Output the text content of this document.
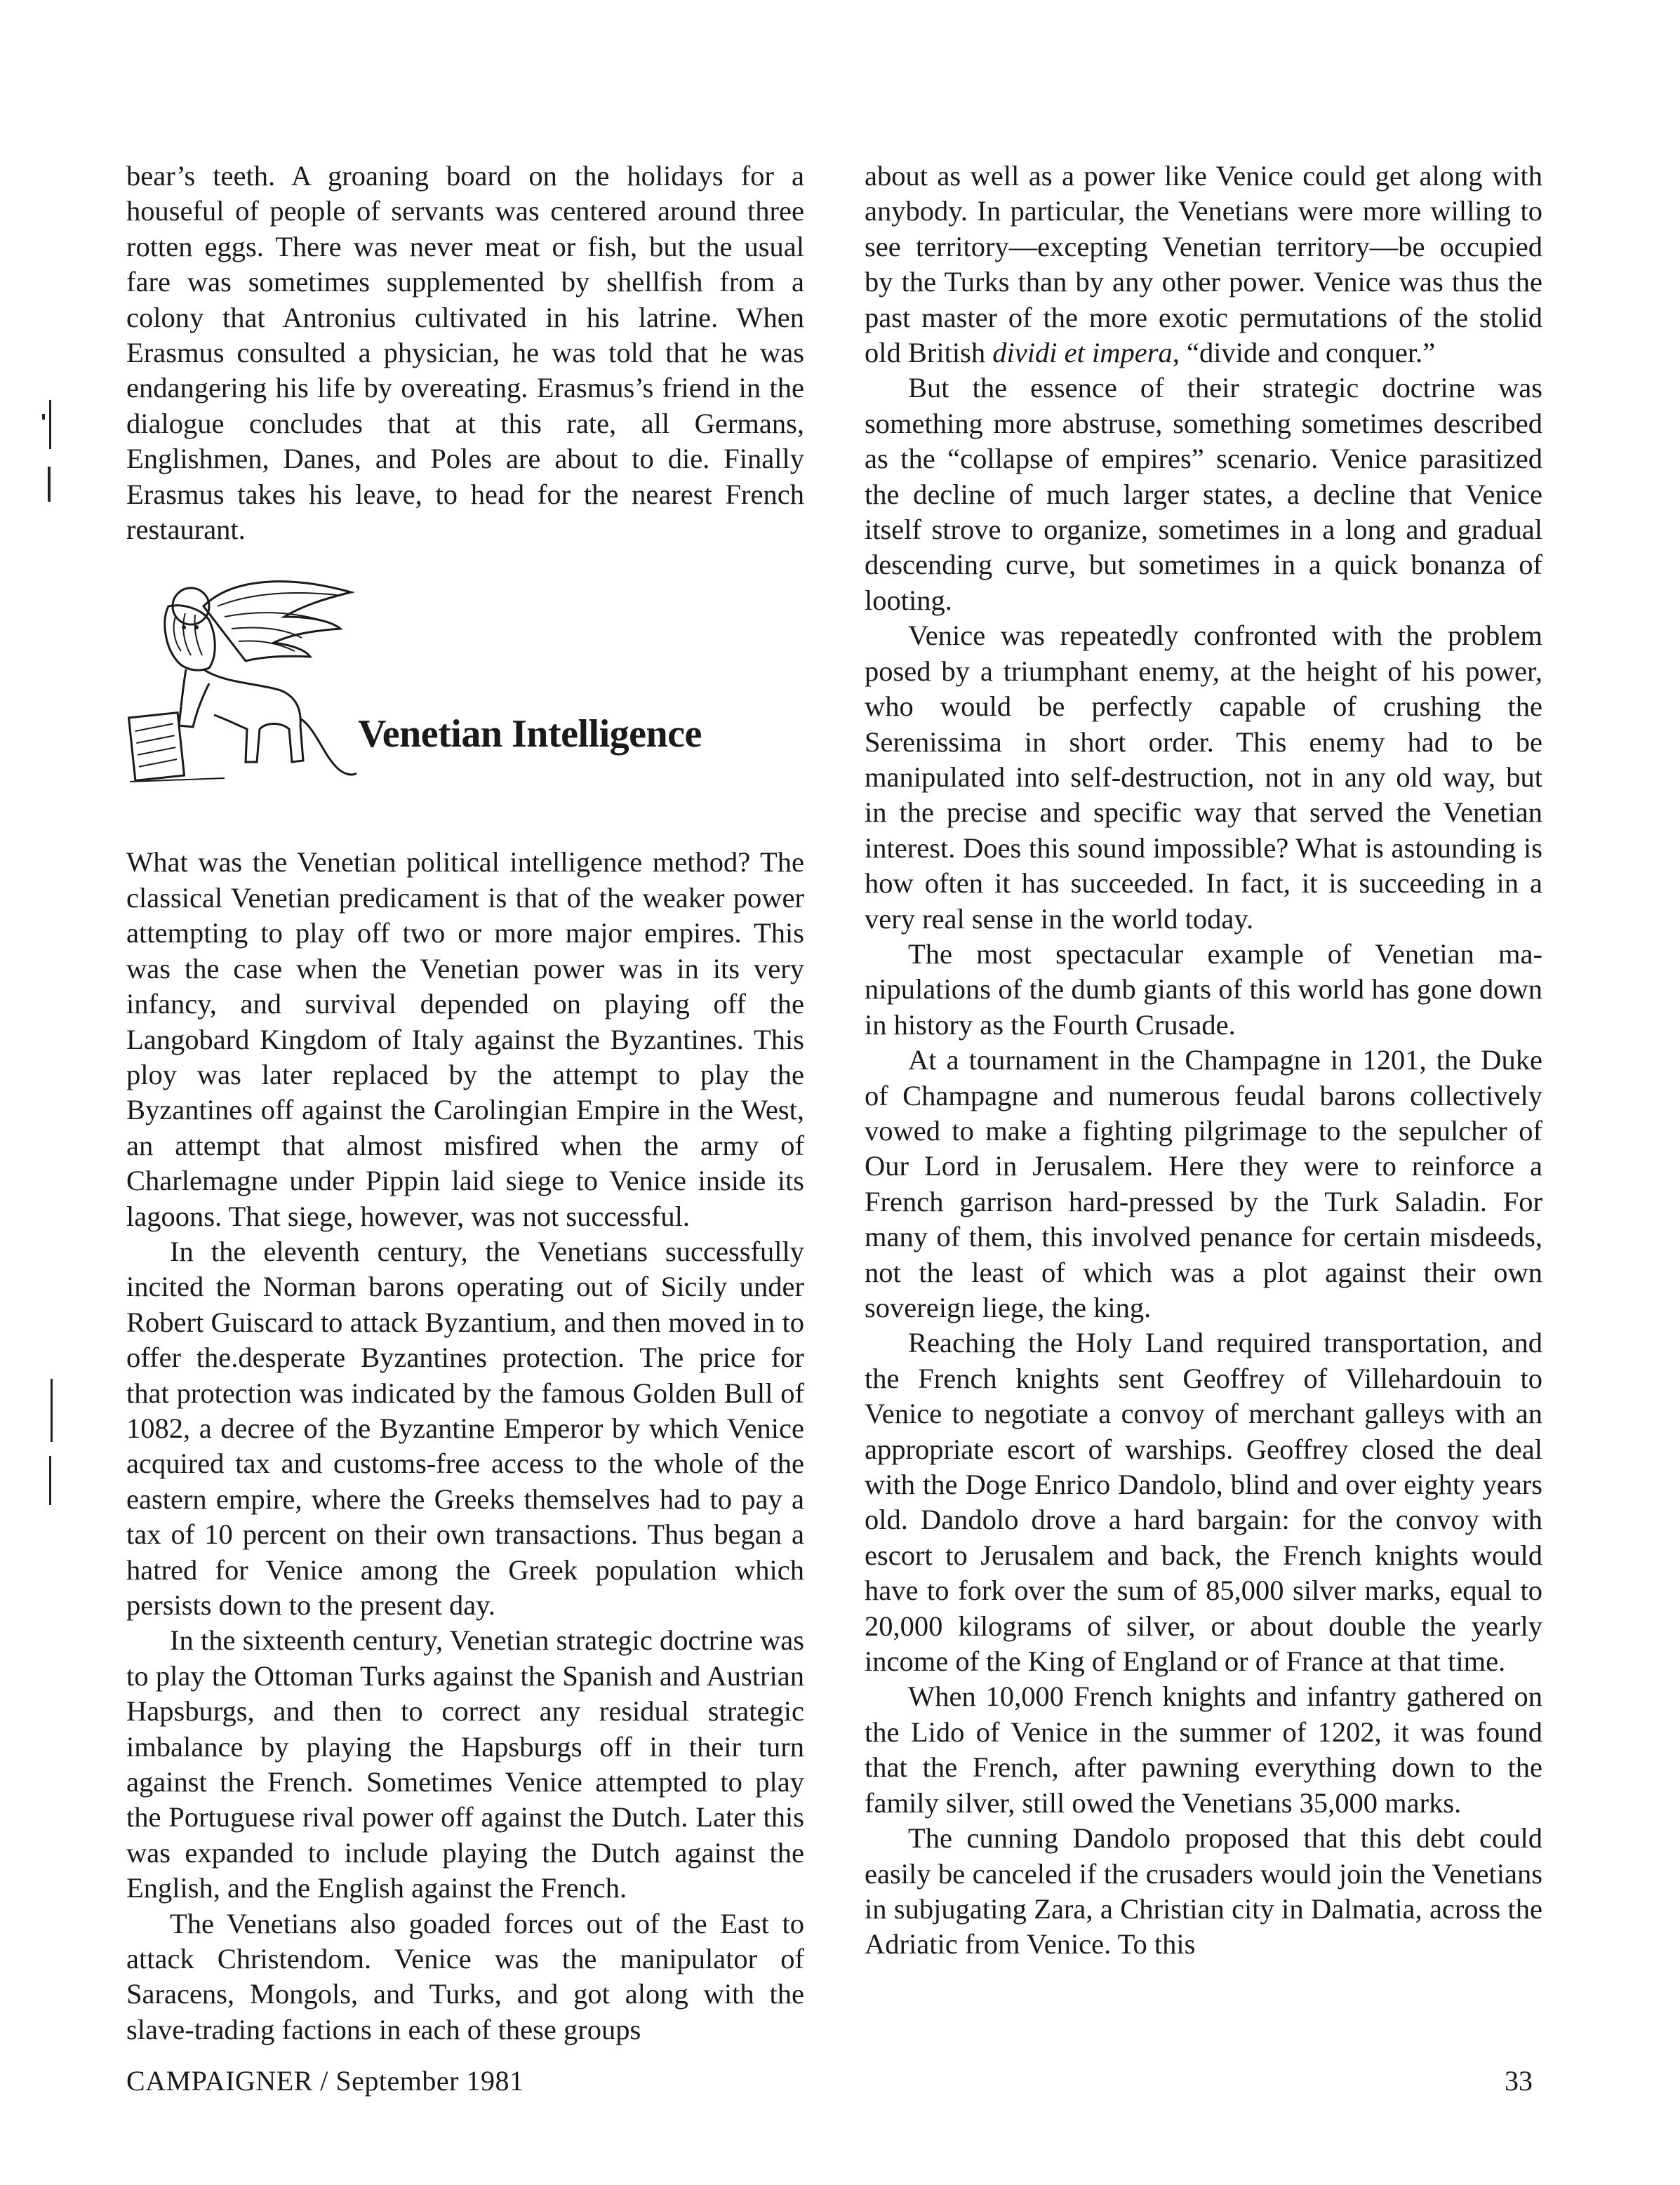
bear’s teeth. A groaning board on the holidays for a houseful of people of servants was centered around three rotten eggs. There was never meat or fish, but the usual fare was sometimes supplemented by shellfish from a colony that Antronius cultivated in his latrine. When Erasmus consulted a physician, he was told that he was endangering his life by overeating. Erasmus’s friend in the dialogue concludes that at this rate, all Germans, Englishmen, Danes, and Poles are about to die. Finally Erasmus takes his leave, to head for the nearest French restaurant.

Venetian Intelligence

What was the Venetian political intelligence method? The classical Venetian predicament is that of the weaker power attempting to play off two or more major empires. This was the case when the Venetian power was in its very infancy, and survival depended on playing off the Langobard Kingdom of Italy against the Byzantines. This ploy was later replaced by the attempt to play the Byzantines off against the Carolingian Empire in the West, an attempt that almost misfired when the army of Charlemagne under Pippin laid siege to Venice inside its lagoons. That siege, however, was not successful.

In the eleventh century, the Venetians successfully incited the Norman barons operating out of Sicily under Robert Guiscard to attack Byzantium, and then moved in to offer the.desperate Byzantines protection. The price for that protection was indicated by the famous Golden Bull of 1082, a decree of the Byzantine Emperor by which Venice acquired tax and customs-free access to the whole of the eastern empire, where the Greeks themselves had to pay a tax of 10 percent on their own transactions. Thus began a hatred for Venice among the Greek population which persists down to the present day.

In the sixteenth century, Venetian strategic doctrine was to play the Ottoman Turks against the Spanish and Austrian Hapsburgs, and then to correct any residual strategic imbalance by playing the Hapsburgs off in their turn against the French. Sometimes Venice attempted to play the Portuguese rival power off against the Dutch. Later this was expanded to include playing the Dutch against the English, and the English against the French.

The Venetians also goaded forces out of the East to attack Christendom. Venice was the manipulator of Saracens, Mongols, and Turks, and got along with the slave-trading factions in each of these groups

about as well as a power like Venice could get along with anybody. In particular, the Venetians were more willing to see territory—excepting Venetian territory—be occupied by the Turks than by any other power. Venice was thus the past master of the more exotic permutations of the stolid old British dividi et impera, “divide and conquer.”

But the essence of their strategic doctrine was something more abstruse, something sometimes described as the “collapse of empires” scenario. Venice parasitized the decline of much larger states, a decline that Venice itself strove to organize, sometimes in a long and gradual descending curve, but sometimes in a quick bonanza of looting.

Venice was repeatedly confronted with the problem posed by a triumphant enemy, at the height of his power, who would be perfectly capable of crushing the Serenissima in short order. This enemy had to be manipulated into self-destruction, not in any old way, but in the precise and specific way that served the Venetian interest. Does this sound impossible? What is astounding is how often it has succeeded. In fact, it is succeeding in a very real sense in the world today.

The most spectacular example of Venetian manipulations of the dumb giants of this world has gone down in history as the Fourth Crusade.

At a tournament in the Champagne in 1201, the Duke of Champagne and numerous feudal barons collectively vowed to make a fighting pilgrimage to the sepulcher of Our Lord in Jerusalem. Here they were to reinforce a French garrison hard-pressed by the Turk Saladin. For many of them, this involved penance for certain misdeeds, not the least of which was a plot against their own sovereign liege, the king.

Reaching the Holy Land required transportation, and the French knights sent Geoffrey of Villehardouin to Venice to negotiate a convoy of merchant galleys with an appropriate escort of warships. Geoffrey closed the deal with the Doge Enrico Dandolo, blind and over eighty years old. Dandolo drove a hard bargain: for the convoy with escort to Jerusalem and back, the French knights would have to fork over the sum of 85,000 silver marks, equal to 20,000 kilograms of silver, or about double the yearly income of the King of England or of France at that time.

When 10,000 French knights and infantry gathered on the Lido of Venice in the summer of 1202, it was found that the French, after pawning everything down to the family silver, still owed the Venetians 35,000 marks.

The cunning Dandolo proposed that this debt could easily be canceled if the crusaders would join the Venetians in subjugating Zara, a Christian city in Dalmatia, across the Adriatic from Venice. To this

CAMPAIGNER / September 1981	33
